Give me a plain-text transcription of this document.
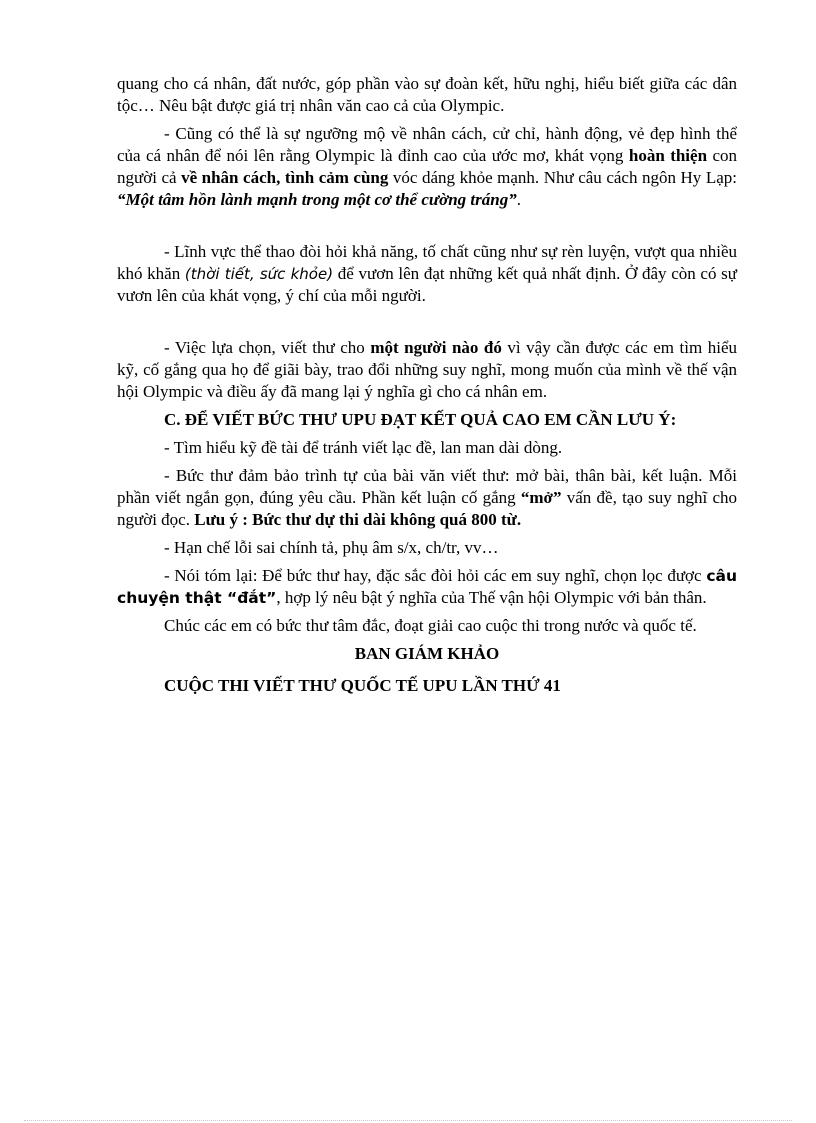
quang cho cá nhân, đất nước, góp phần vào sự đoàn kết, hữu nghị, hiểu biết giữa các dân tộc… Nêu bật được giá trị nhân văn cao cả của Olympic.

- Cũng có thể là sự ngưỡng mộ về nhân cách, cử chỉ, hành động, vẻ đẹp hình thể của cá nhân để nói lên rằng Olympic là đỉnh cao của ước mơ, khát vọng hoàn thiện con người cả về nhân cách, tình cảm cùng vóc dáng khỏe mạnh. Như câu cách ngôn Hy Lạp: “Một tâm hồn lành mạnh trong một cơ thể cường tráng”.

- Lĩnh vực thể thao đòi hỏi khả năng, tố chất cũng như sự rèn luyện, vượt qua nhiều khó khăn (thời tiết, sức khỏe) để vươn lên đạt những kết quả nhất định. Ở đây còn có sự vươn lên của khát vọng, ý chí của mỗi người.

- Việc lựa chọn, viết thư cho một người nào đó vì vậy cần được các em tìm hiểu kỹ, cố gắng qua họ để giãi bày, trao đổi những suy nghĩ, mong muốn của mình về thế vận hội Olympic và điều ấy đã mang lại ý nghĩa gì cho cá nhân em.

C. ĐỂ VIẾT BỨC THƯ UPU ĐẠT KẾT QUẢ CAO EM CẦN LƯU Ý:

- Tìm hiểu kỹ đề tài để tránh viết lạc đề, lan man dài dòng.

- Bức thư đảm bảo trình tự của bài văn viết thư: mở bài, thân bài, kết luận. Mỗi phần viết ngắn gọn, đúng yêu cầu. Phần kết luận cố gắng “mở” vấn đề, tạo suy nghĩ cho người đọc. Lưu ý : Bức thư dự thi dài không quá 800 từ.

- Hạn chế lỗi sai chính tả, phụ âm s/x, ch/tr, vv…

- Nói tóm lại: Để bức thư hay, đặc sắc đòi hỏi các em suy nghĩ, chọn lọc được câu chuyện thật “đắt”, hợp lý nêu bật ý nghĩa của Thế vận hội Olympic với bản thân.

Chúc các em có bức thư tâm đắc, đoạt giải cao cuộc thi trong nước và quốc tế.

BAN GIÁM KHẢO

CUỘC THI VIẾT THƯ QUỐC TẾ UPU LẦN THỨ 41
